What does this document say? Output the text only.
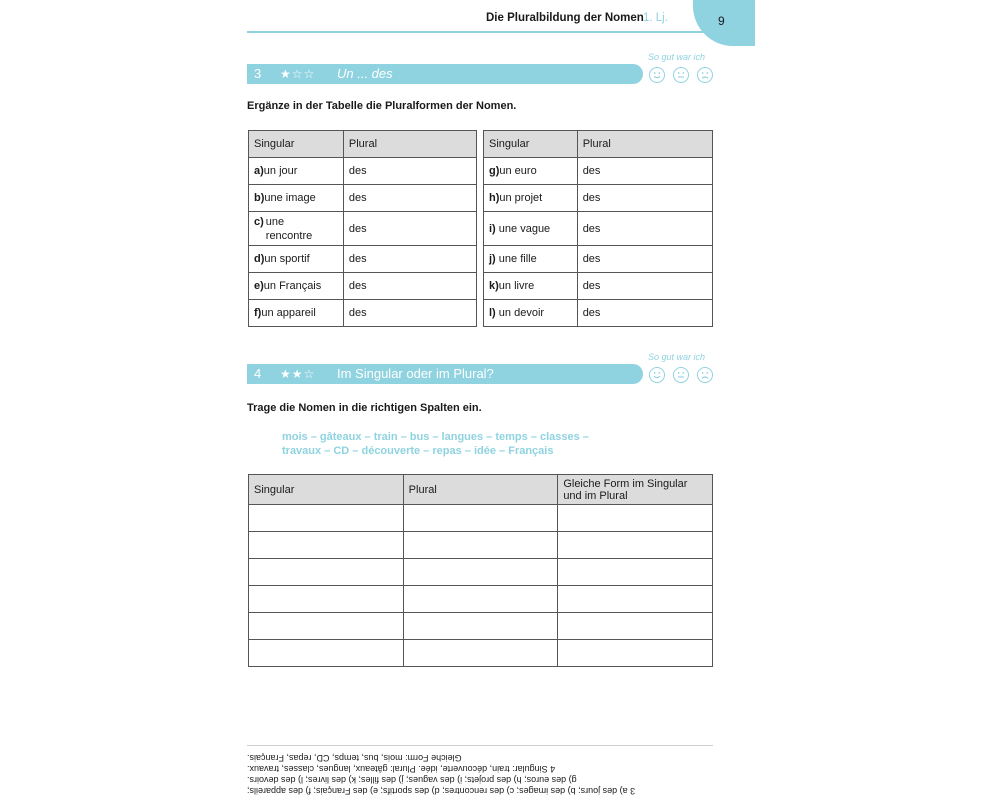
9
Die Pluralbildung der Nomen 1. Lj.
So gut war ich
3 ★☆☆ Un ... des
Ergänze in der Tabelle die Pluralformen der Nomen.
Singular	Plural
a)un jour	des
b)une image	des

c) une rencontre	des
d)un sportif	des
e)un Français	des
f)un appareil	des
Singular	Plural
g)un euro	des
h)un projet	des
i) une vague	des
j) une fille	des
k)un livre	des
l) un devoir	des
So gut war ich
4 ★★☆ Im Singular oder im Plural?
Trage die Nomen in die richtigen Spalten ein.
mois – gâteaux – train – bus – langues – temps – classes –
travaux – CD – découverte – repas – idée – Français
Singular	Plural	Gleiche Form im Singular
und im Plural

3 a) des jours; b) des images; c) des rencontres; d) des sportifs; e) des Français; f) des appareils;
g) des euros; h) des projets; i) des vagues; j) des filles; k) des livres; l) des devoirs.
4 Singular: train, découverte, idée. Plural: gâteaux, langues, classes, travaux.
Gleiche Form: mois, bus, temps, CD, repas, Français.
